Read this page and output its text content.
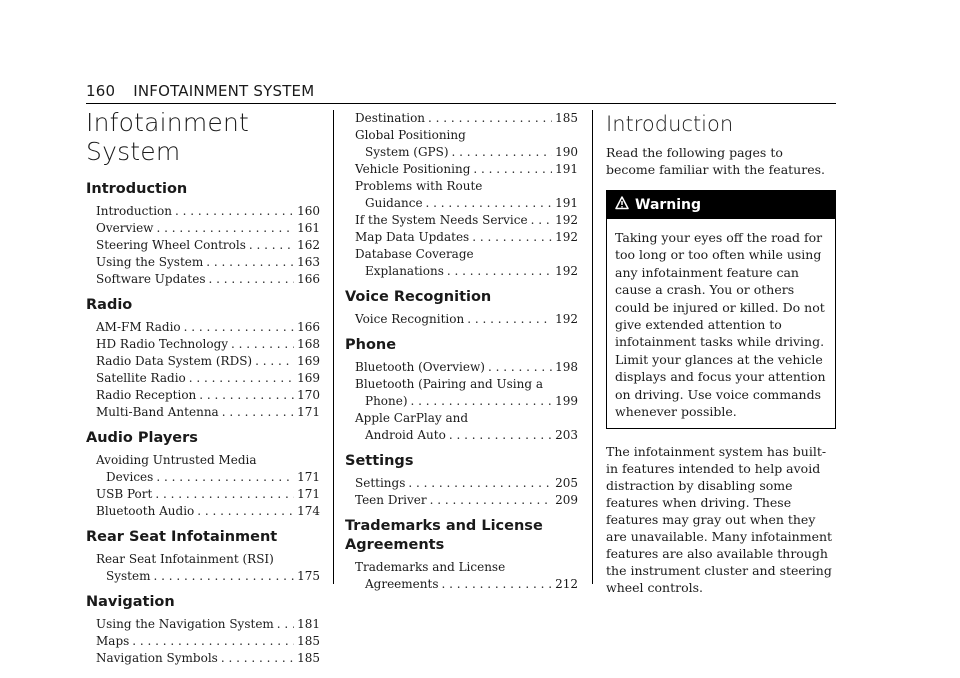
160 INFOTAINMENT SYSTEM
Infotainment System
Introduction
Introduction . . .	160
Overview . . .	161
Steering Wheel Controls . . .	162
Using the System . . .	163
Software Updates . . .	166
Radio
AM-FM Radio . . .	166
HD Radio Technology . . .	168
Radio Data System (RDS) . . .	169
Satellite Radio . . .	169
Radio Reception . . .	170
Multi-Band Antenna . . .	171
Audio Players
Avoiding Untrusted Media
Devices . . .	171
USB Port . . .	171
Bluetooth Audio . . .	174
Rear Seat Infotainment
Rear Seat Infotainment (RSI)
System . . .	175
Navigation
Using the Navigation System . . . 181
Maps . . .	185
Navigation Symbols . . .	185
Destination . . .	185
Global Positioning
System (GPS) . . .	190
Vehicle Positioning . . .	191
Problems with Route
Guidance . . .	191
If the System Needs Service . . . 192
Map Data Updates . . .	192
Database Coverage
Explanations . . .	192
Voice Recognition
Voice Recognition . . .	192
Phone
Bluetooth (Overview) . . .	198
Bluetooth (Pairing and Using a
Phone) . . .	199
Apple CarPlay and
Android Auto . . .	203
Settings
Settings . . .	205
Teen Driver . . .	209
Trademarks and License
Agreements
Trademarks and License
Agreements . . .	212
Introduction

Read the following pages to become familiar with the features.

Warning
Taking your eyes off the road for too long or too often while using any infotainment feature can cause a crash. You or others could be injured or killed. Do not give extended attention to infotainment tasks while driving. Limit your glances at the vehicle displays and focus your attention on driving. Use voice commands whenever possible.

The infotainment system has built-in features intended to help avoid distraction by disabling some features when driving. These features may gray out when they are unavailable. Many infotainment features are also available through the instrument cluster and steering wheel controls.
